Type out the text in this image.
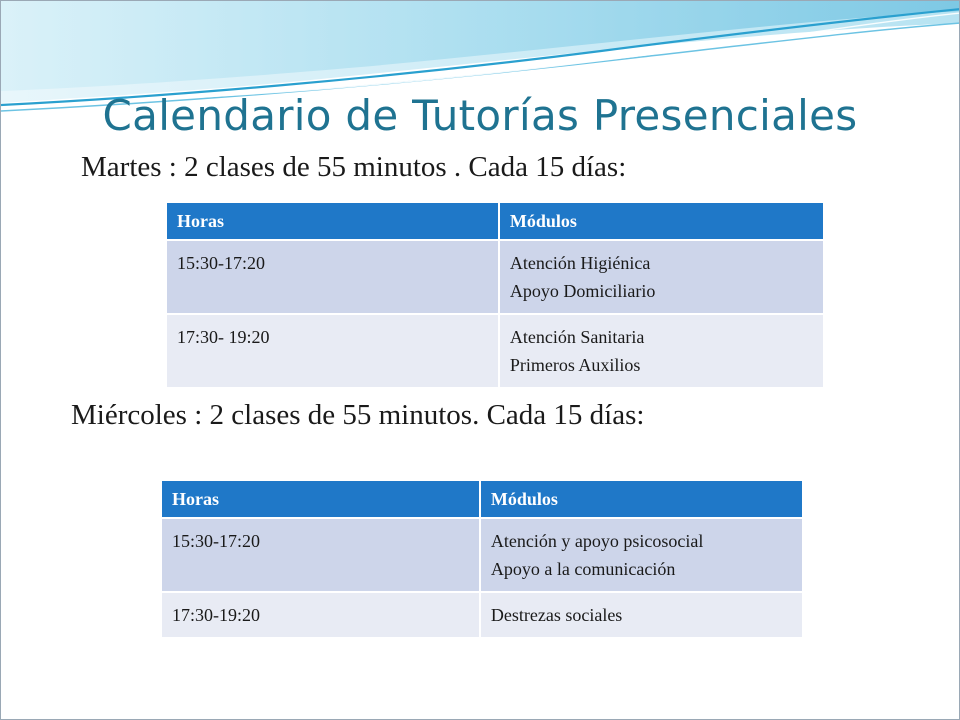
Calendario de Tutorías Presenciales
Martes : 2 clases de 55 minutos . Cada 15 días:
Horas	Módulos
15:30-17:20	Atención Higiénica
Apoyo Domiciliario

17:30- 19:20	Atención Sanitaria
Primeros Auxilios
Miércoles : 2 clases de 55 minutos. Cada 15 días:
Horas	Módulos
15:30-17:20	Atención y apoyo psicosocial
Apoyo a la comunicación

17:30-19:20	Destrezas sociales
